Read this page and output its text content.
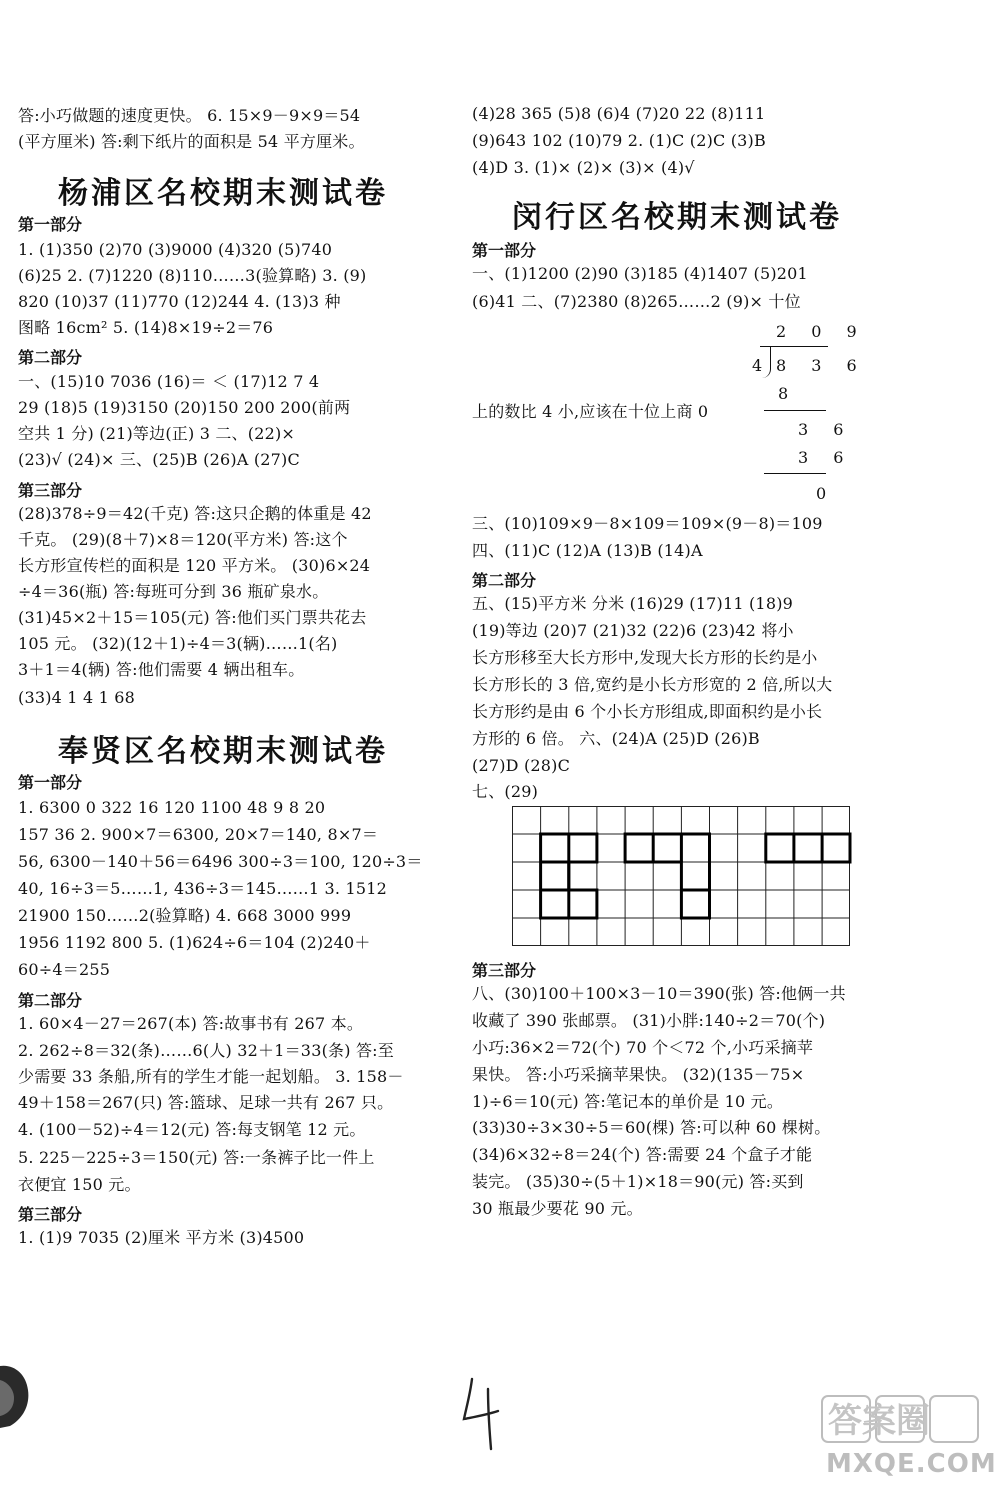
答:小巧做题的速度更快。 6. 15×9－9×9＝54
(平方厘米) 答:剩下纸片的面积是 54 平方厘米。
杨浦区名校期末测试卷
第一部分
1. (1)350 (2)70 (3)9000 (4)320 (5)740
(6)25 2. (7)1220 (8)110……3(验算略) 3. (9)
820 (10)37 (11)770 (12)244 4. (13)3 种
图略 16cm² 5. (14)8×19÷2＝76
第二部分
一、(15)10 7036 (16)＝ ＜ (17)12 7 4
29 (18)5 (19)3150 (20)150 200 200(前两
空共 1 分) (21)等边(正) 3 二、(22)×
(23)√ (24)× 三、(25)B (26)A (27)C
第三部分
(28)378÷9＝42(千克) 答:这只企鹅的体重是 42
千克。 (29)(8＋7)×8＝120(平方米) 答:这个
长方形宣传栏的面积是 120 平方米。 (30)6×24
÷4＝36(瓶) 答:每班可分到 36 瓶矿泉水。
(31)45×2＋15＝105(元) 答:他们买门票共花去
105 元。 (32)(12＋1)÷4＝3(辆)……1(名)
3＋1＝4(辆) 答:他们需要 4 辆出租车。
(33)4 1 4 1 68
奉贤区名校期末测试卷
第一部分
1. 6300 0 322 16 120 1100 48 9 8 20
157 36 2. 900×7＝6300, 20×7＝140, 8×7＝
56, 6300－140＋56＝6496 300÷3＝100, 120÷3＝
40, 16÷3＝5……1, 436÷3＝145……1 3. 1512
21900 150……2(验算略) 4. 668 3000 999
1956 1192 800 5. (1)624÷6＝104 (2)240＋
60÷4＝255
第二部分
1. 60×4－27＝267(本) 答:故事书有 267 本。
2. 262÷8＝32(条)……6(人) 32＋1＝33(条) 答:至
少需要 33 条船,所有的学生才能一起划船。 3. 158－
49＋158＝267(只) 答:篮球、足球一共有 267 只。
4. (100－52)÷4＝12(元) 答:每支钢笔 12 元。
5. 225－225÷3＝150(元) 答:一条裤子比一件上
衣便宜 150 元。
第三部分
1. (1)9 7035 (2)厘米 平方米 (3)4500
(4)28 365 (5)8 (6)4 (7)20 22 (8)111
(9)643 102 (10)79 2. (1)C (2)C (3)B
(4)D 3. (1)× (2)× (3)× (4)√
闵行区名校期末测试卷
第一部分
一、(1)1200 (2)90 (3)185 (4)1407 (5)201
(6)41 二、(7)2380 (8)265……2 (9)× 十位
2 0 9
4 8 3 6
8
3 6
3 6
0
上的数比 4 小,应该在十位上商 0
三、(10)109×9－8×109＝109×(9－8)＝109
四、(11)C (12)A (13)B (14)A
第二部分
五、(15)平方米 分米 (16)29 (17)11 (18)9
(19)等边 (20)7 (21)32 (22)6 (23)42 将小
长方形移至大长方形中,发现大长方形的长约是小
长方形长的 3 倍,宽约是小长方形宽的 2 倍,所以大
长方形约是由 6 个小长方形组成,即面积约是小长
方形的 6 倍。 六、(24)A (25)D (26)B
(27)D (28)C
七、(29)
第三部分
八、(30)100＋100×3－10＝390(张) 答:他俩一共
收藏了 390 张邮票。 (31)小胖:140÷2＝70(个)
小巧:36×2＝72(个) 70 个＜72 个,小巧采摘苹
果快。 答:小巧采摘苹果快。 (32)(135－75×
1)÷6＝10(元) 答:笔记本的单价是 10 元。
(33)30÷3×30÷5＝60(棵) 答:可以种 60 棵树。
(34)6×32÷8＝24(个) 答:需要 24 个盒子才能
装完。 (35)30÷(5＋1)×18＝90(元) 答:买到
30 瓶最少要花 90 元。
答案圈
MXQE.COM
